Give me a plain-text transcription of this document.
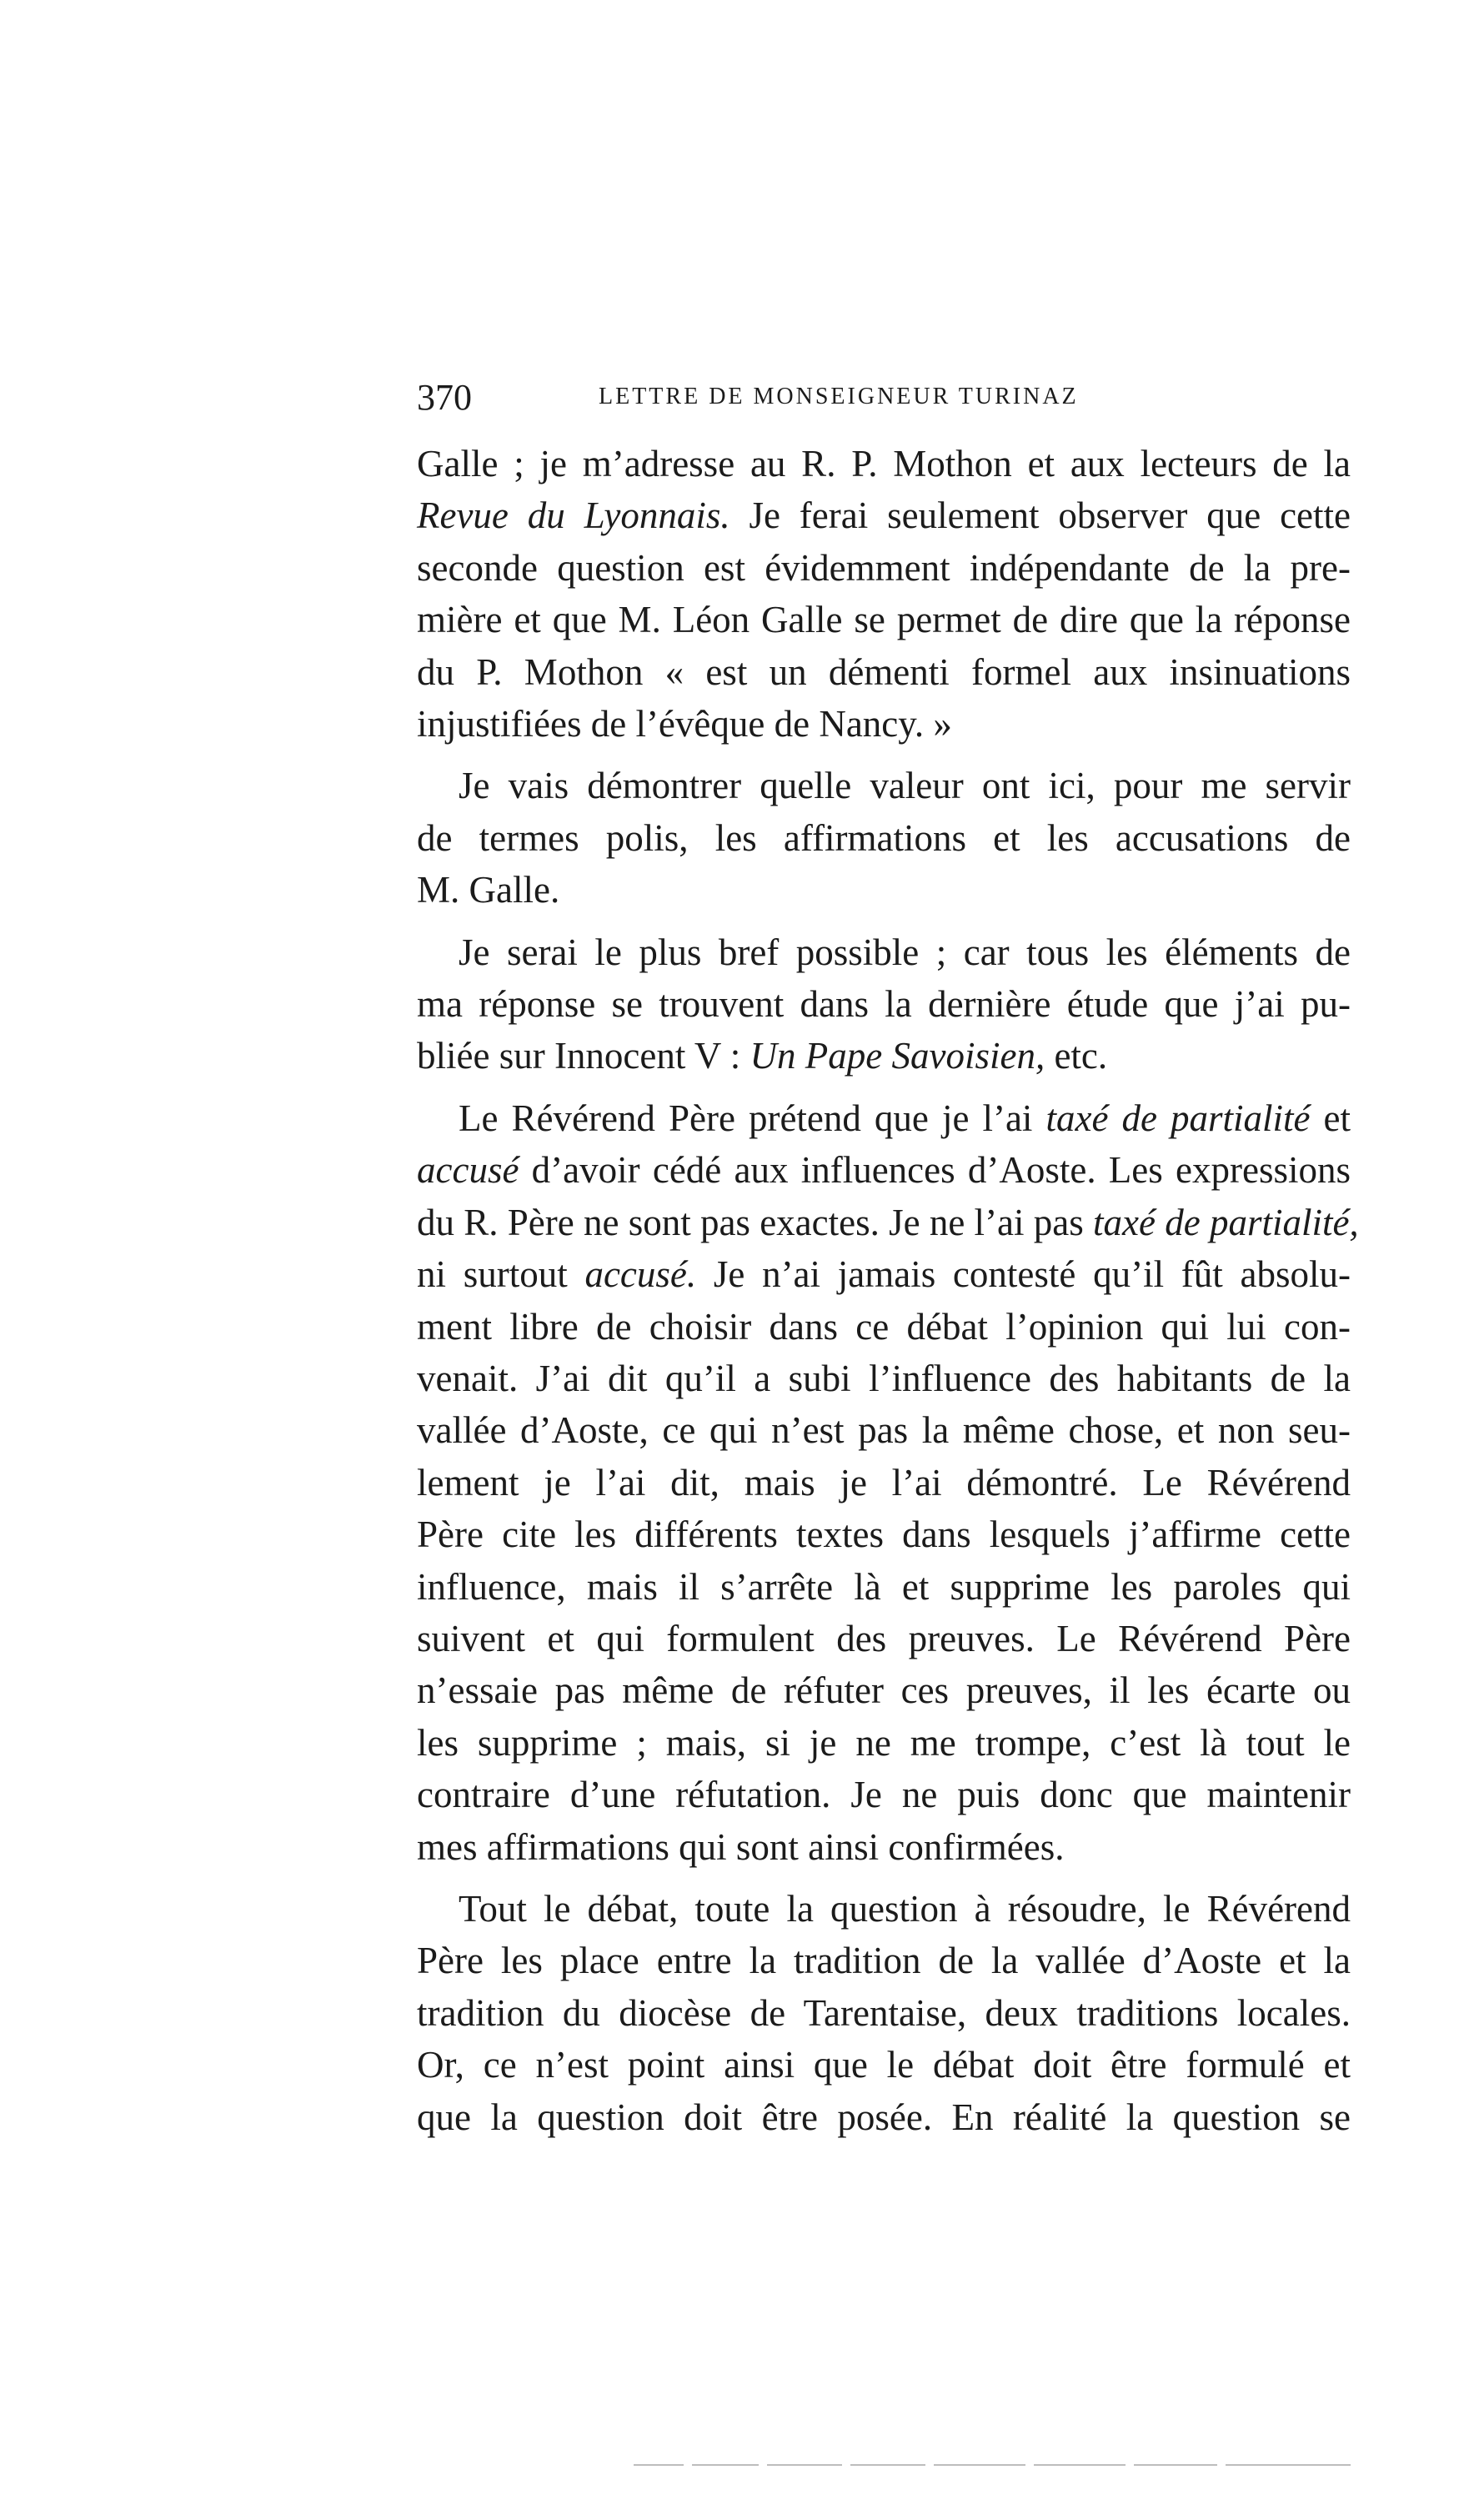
370	LETTRE DE MONSEIGNEUR TURINAZ
Galle ; je m’adresse au R. P. Mothon et aux lecteurs de la
Revue du Lyonnais. Je ferai seulement observer que cette
seconde question est évidemment indépendante de la pre-
mière et que M. Léon Galle se permet de dire que la réponse
du P. Mothon « est un démenti formel aux insinuations
injustifiées de l’évêque de Nancy. »
Je vais démontrer quelle valeur ont ici, pour me servir
de termes polis, les affirmations et les accusations de
M. Galle.
Je serai le plus bref possible ; car tous les éléments de
ma réponse se trouvent dans la dernière étude que j’ai pu-
bliée sur Innocent V : Un Pape Savoisien, etc.
Le Révérend Père prétend que je l’ai taxé de partialité et
accusé d’avoir cédé aux influences d’Aoste. Les expressions
du R. Père ne sont pas exactes. Je ne l’ai pas taxé de partialité,
ni surtout accusé. Je n’ai jamais contesté qu’il fût absolu-
ment libre de choisir dans ce débat l’opinion qui lui con-
venait. J’ai dit qu’il a subi l’influence des habitants de la
vallée d’Aoste, ce qui n’est pas la même chose, et non seu-
lement je l’ai dit, mais je l’ai démontré. Le Révérend
Père cite les différents textes dans lesquels j’affirme cette
influence, mais il s’arrête là et supprime les paroles qui
suivent et qui formulent des preuves. Le Révérend Père
n’essaie pas même de réfuter ces preuves, il les écarte ou
les supprime ; mais, si je ne me trompe, c’est là tout le
contraire d’une réfutation. Je ne puis donc que maintenir
mes affirmations qui sont ainsi confirmées.
Tout le débat, toute la question à résoudre, le Révérend
Père les place entre la tradition de la vallée d’Aoste et la
tradition du diocèse de Tarentaise, deux traditions locales.
Or, ce n’est point ainsi que le débat doit être formulé et
que la question doit être posée. En réalité la question se
